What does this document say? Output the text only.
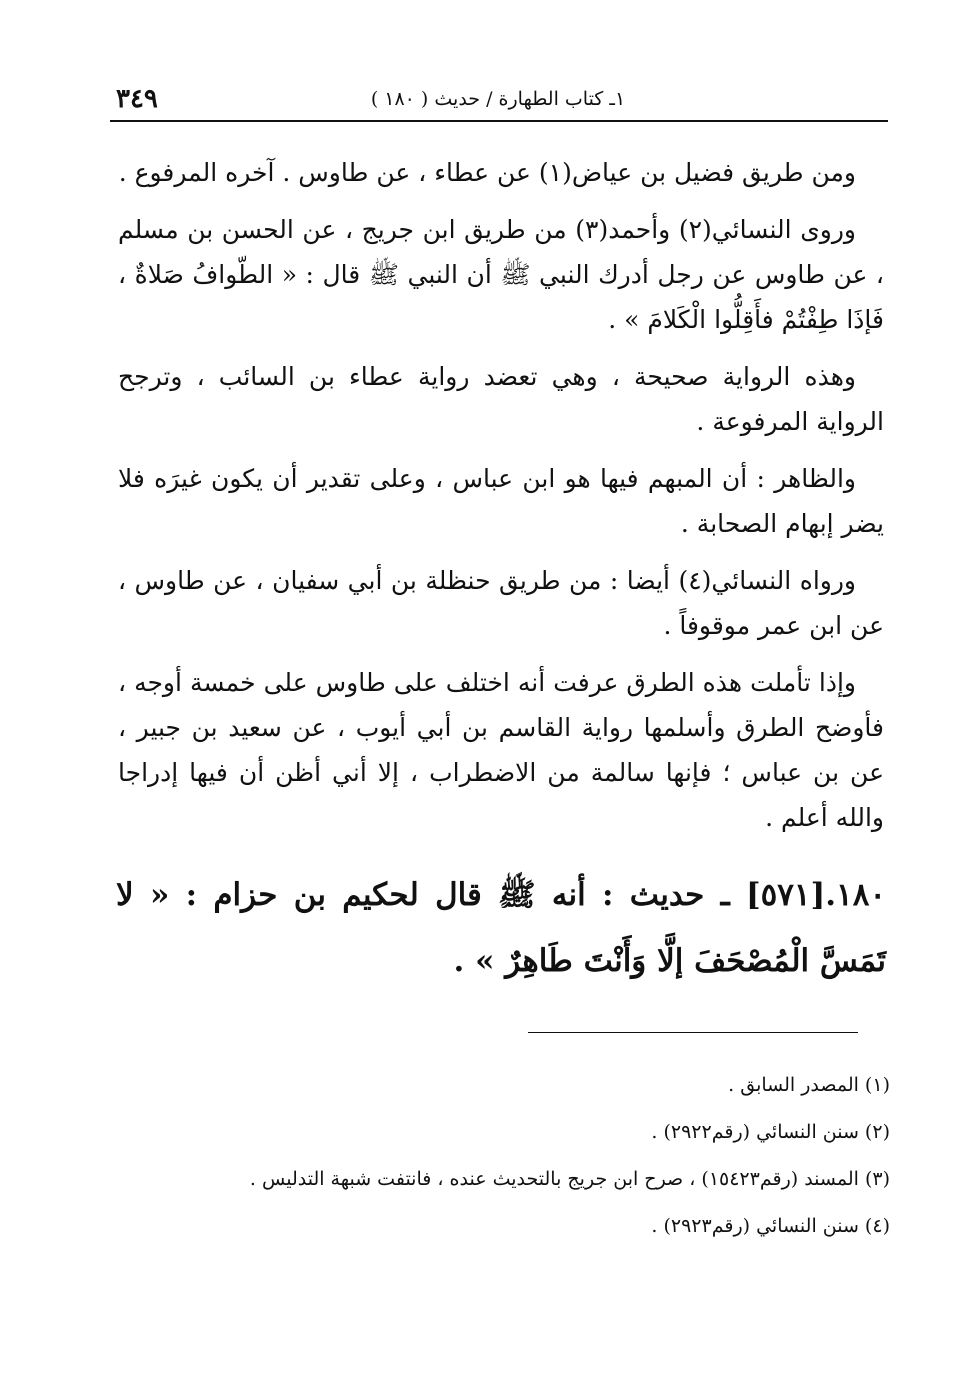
٣٤٩	١ـ كتاب الطهارة / حديث ( ١٨٠ )

ومن طريق فضيل بن عياض(١) عن عطاء ، عن طاوس . آخره المرفوع .

وروى النسائي(٢) وأحمد(٣) من طريق ابن جريج ، عن الحسن بن مسلم ، عن طاوس عن رجل أدرك النبي ﷺ أن النبي ﷺ قال : « الطّوافُ صَلاةٌ ، فَإذَا طِفْتُمْ فأَقِلُّوا الْكَلامَ » .

وهذه الرواية صحيحة ، وهي تعضد رواية عطاء بن السائب ، وترجح الرواية المرفوعة .

والظاهر : أن المبهم فيها هو ابن عباس ، وعلى تقدير أن يكون غيرَه فلا يضر إبهام الصحابة .

ورواه النسائي(٤) أيضا : من طريق حنظلة بن أبي سفيان ، عن طاوس ، عن ابن عمر موقوفاً .

وإذا تأملت هذه الطرق عرفت أنه اختلف على طاوس على خمسة أوجه ، فأوضح الطرق وأسلمها رواية القاسم بن أبي أيوب ، عن سعيد بن جبير ، عن بن عباس ؛ فإنها سالمة من الاضطراب ، إلا أني أظن أن فيها إدراجا والله أعلم .

١٨٠.[٥٧١] ـ حديث : أنه ﷺ قال لحكيم بن حزام : « لا تَمَسَّ الْمُصْحَفَ إلَّا وَأَنْتَ طَاهِرٌ » .
(١) المصدر السابق .
(٢) سنن النسائي (رقم٢٩٢٢) .
(٣) المسند (رقم١٥٤٢٣) ، صرح ابن جريج بالتحديث عنده ، فانتفت شبهة التدليس .
(٤) سنن النسائي (رقم٢٩٢٣) .
